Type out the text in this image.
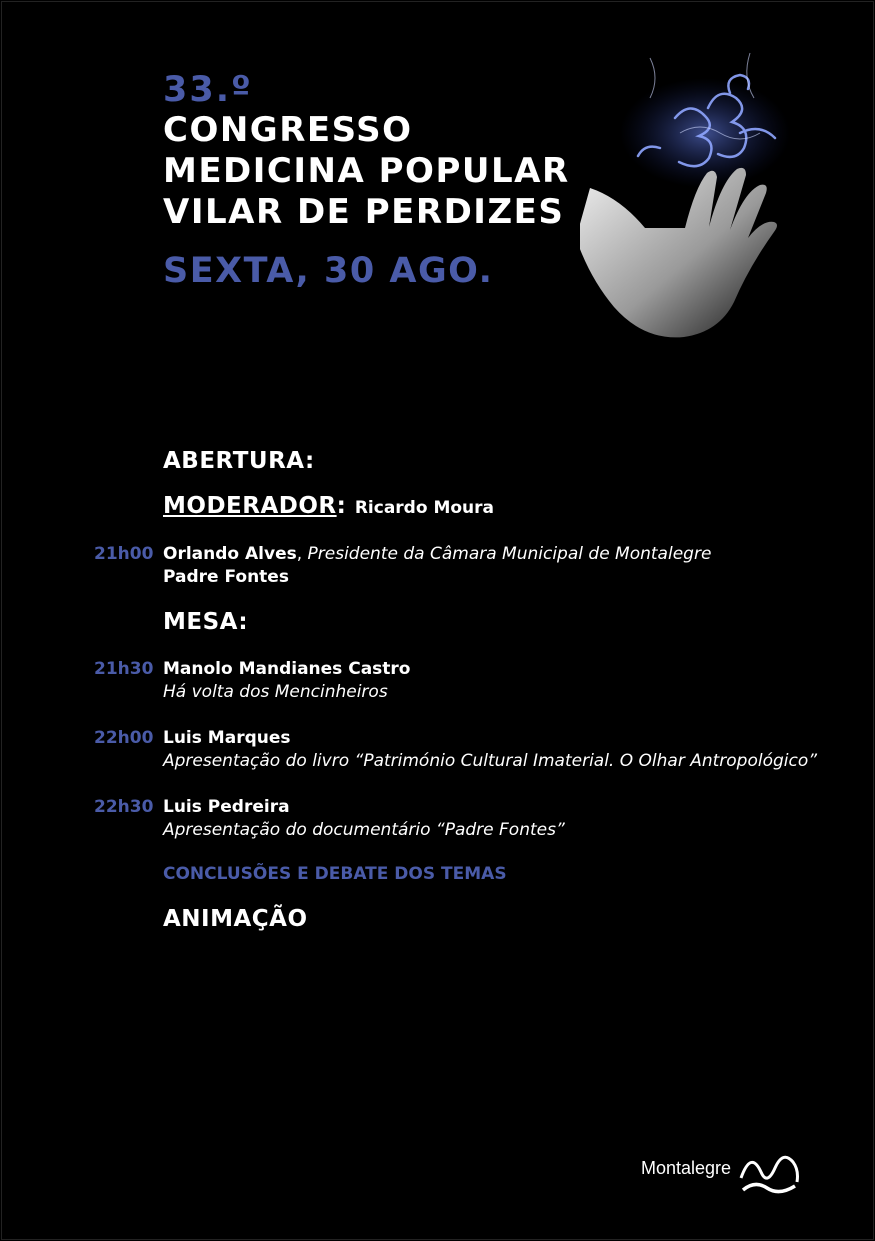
33.º
CONGRESSO
MEDICINA POPULAR
VILAR DE PERDIZES
SEXTA, 30 AGO.
ABERTURA:
MODERADOR: Ricardo Moura
21h00 Orlando Alves, Presidente da Câmara Municipal de Montalegre
Padre Fontes
MESA:
21h30 Manolo Mandianes Castro
Há volta dos Mencinheiros
22h00 Luis Marques
Apresentação do livro “Património Cultural Imaterial. O Olhar Antropológico”
22h30 Luis Pedreira
Apresentação do documentário “Padre Fontes”
CONCLUSÕES E DEBATE DOS TEMAS
ANIMAÇÃO
Montalegre
